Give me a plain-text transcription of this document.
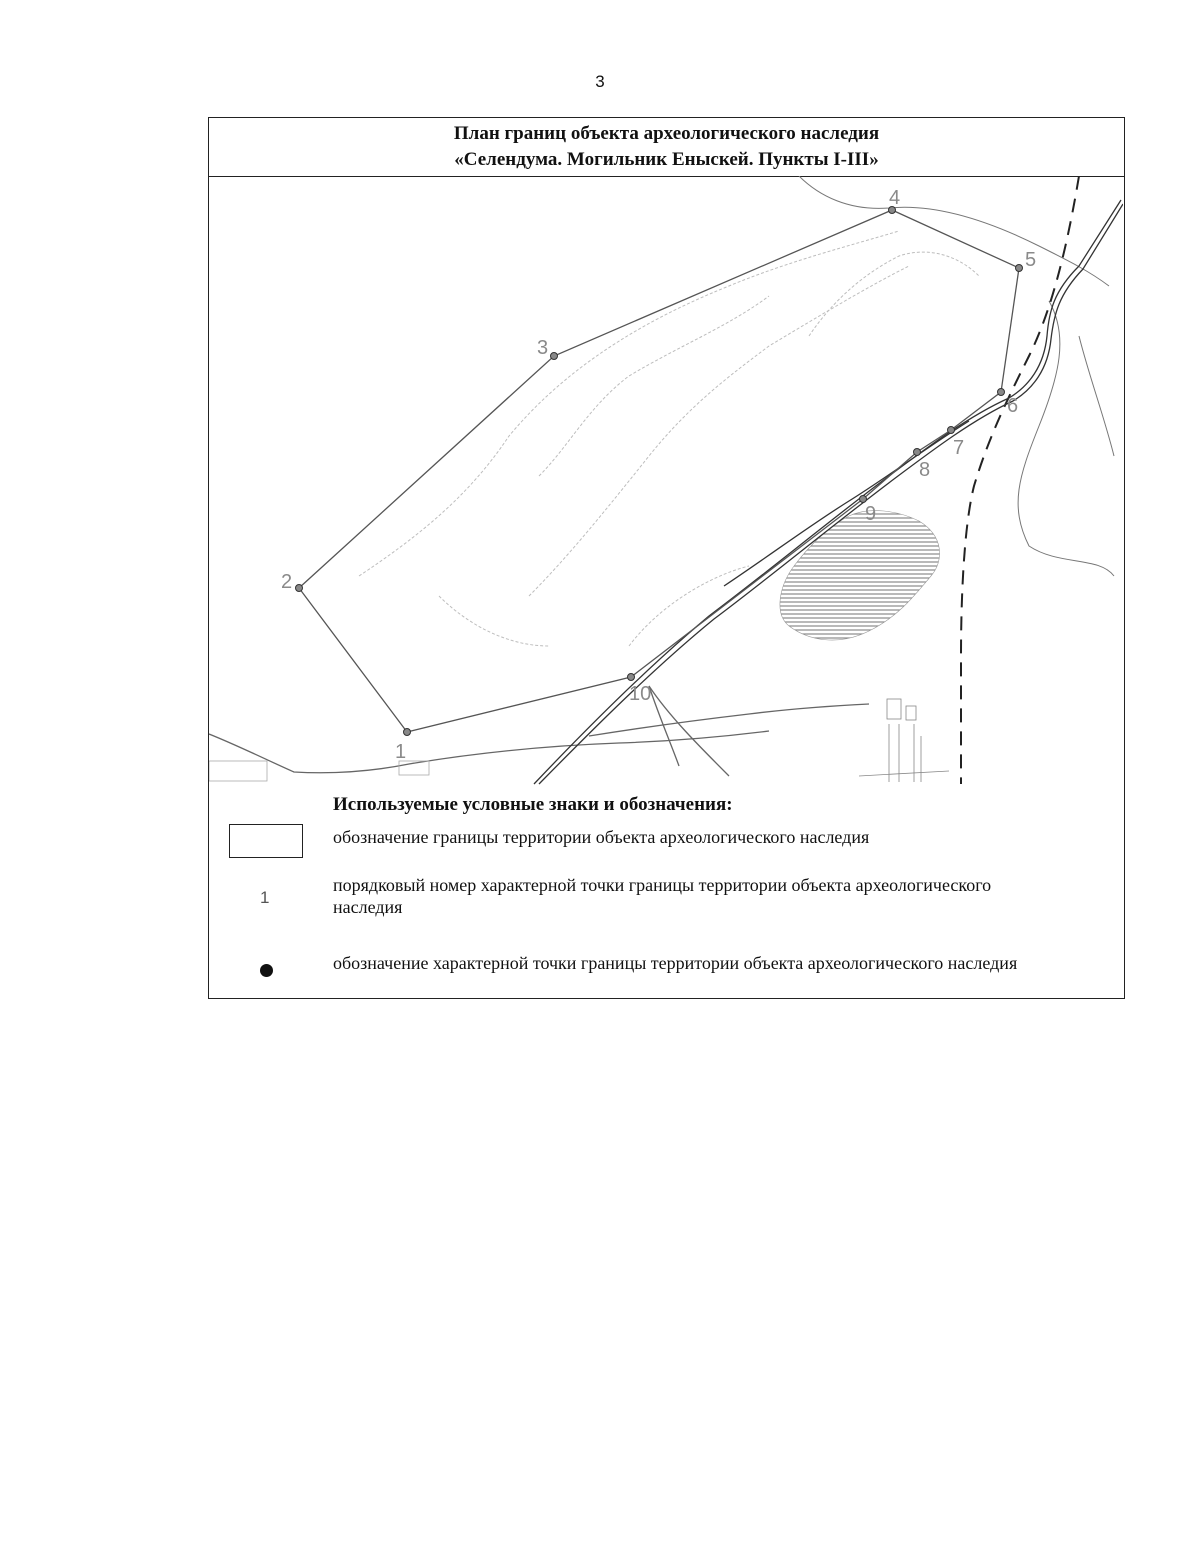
3
План границ объекта археологического наследия
«Селендума. Могильник Еныскей. Пункты I-III»
1
2
3
4
5
6
7
8
9
10
Используемые условные знаки и обозначения:
обозначение границы территории объекта археологического наследия
1
порядковый номер характерной точки границы территории объекта археологического наследия
обозначение характерной точки границы территории объекта археологического наследия
